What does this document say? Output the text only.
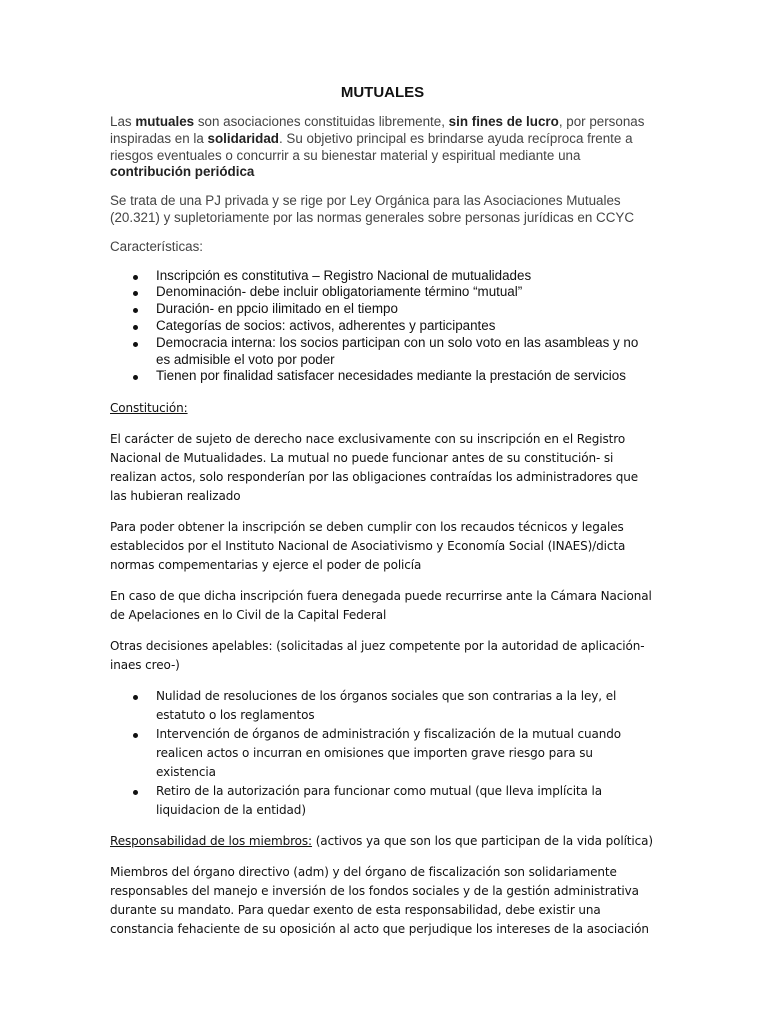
MUTUALES

Las mutuales son asociaciones constituidas libremente, sin fines de lucro, por personas inspiradas en la solidaridad. Su objetivo principal es brindarse ayuda recíproca frente a riesgos eventuales o concurrir a su bienestar material y espiritual mediante una contribución periódica

Se trata de una PJ privada y se rige por Ley Orgánica para las Asociaciones Mutuales (20.321) y supletoriamente por las normas generales sobre personas jurídicas en CCYC

Características:

Inscripción es constitutiva – Registro Nacional de mutualidades
Denominación- debe incluir obligatoriamente término “mutual”
Duración- en ppcio ilimitado en el tiempo
Categorías de socios: activos, adherentes y participantes
Democracia interna: los socios participan con un solo voto en las asambleas y no es admisible el voto por poder
Tienen por finalidad satisfacer necesidades mediante la prestación de servicios

Constitución:

El carácter de sujeto de derecho nace exclusivamente con su inscripción en el Registro Nacional de Mutualidades. La mutual no puede funcionar antes de su constitución- si realizan actos, solo responderían por las obligaciones contraídas los administradores que las hubieran realizado

Para poder obtener la inscripción se deben cumplir con los recaudos técnicos y legales establecidos por el Instituto Nacional de Asociativismo y Economía Social (INAES)/dicta normas compementarias y ejerce el poder de policía

En caso de que dicha inscripción fuera denegada puede recurrirse ante la Cámara Nacional de Apelaciones en lo Civil de la Capital Federal

Otras decisiones apelables: (solicitadas al juez competente por la autoridad de aplicación- inaes creo-)

Nulidad de resoluciones de los órganos sociales que son contrarias a la ley, el estatuto o los reglamentos
Intervención de órganos de administración y fiscalización de la mutual cuando realicen actos o incurran en omisiones que importen grave riesgo para su existencia
Retiro de la autorización para funcionar como mutual (que lleva implícita la liquidacion de la entidad)

Responsabilidad de los miembros: (activos ya que son los que participan de la vida política)

Miembros del órgano directivo (adm) y del órgano de fiscalización son solidariamente responsables del manejo e inversión de los fondos sociales y de la gestión administrativa durante su mandato. Para quedar exento de esta responsabilidad, debe existir una constancia fehaciente de su oposición al acto que perjudique los intereses de la asociación
